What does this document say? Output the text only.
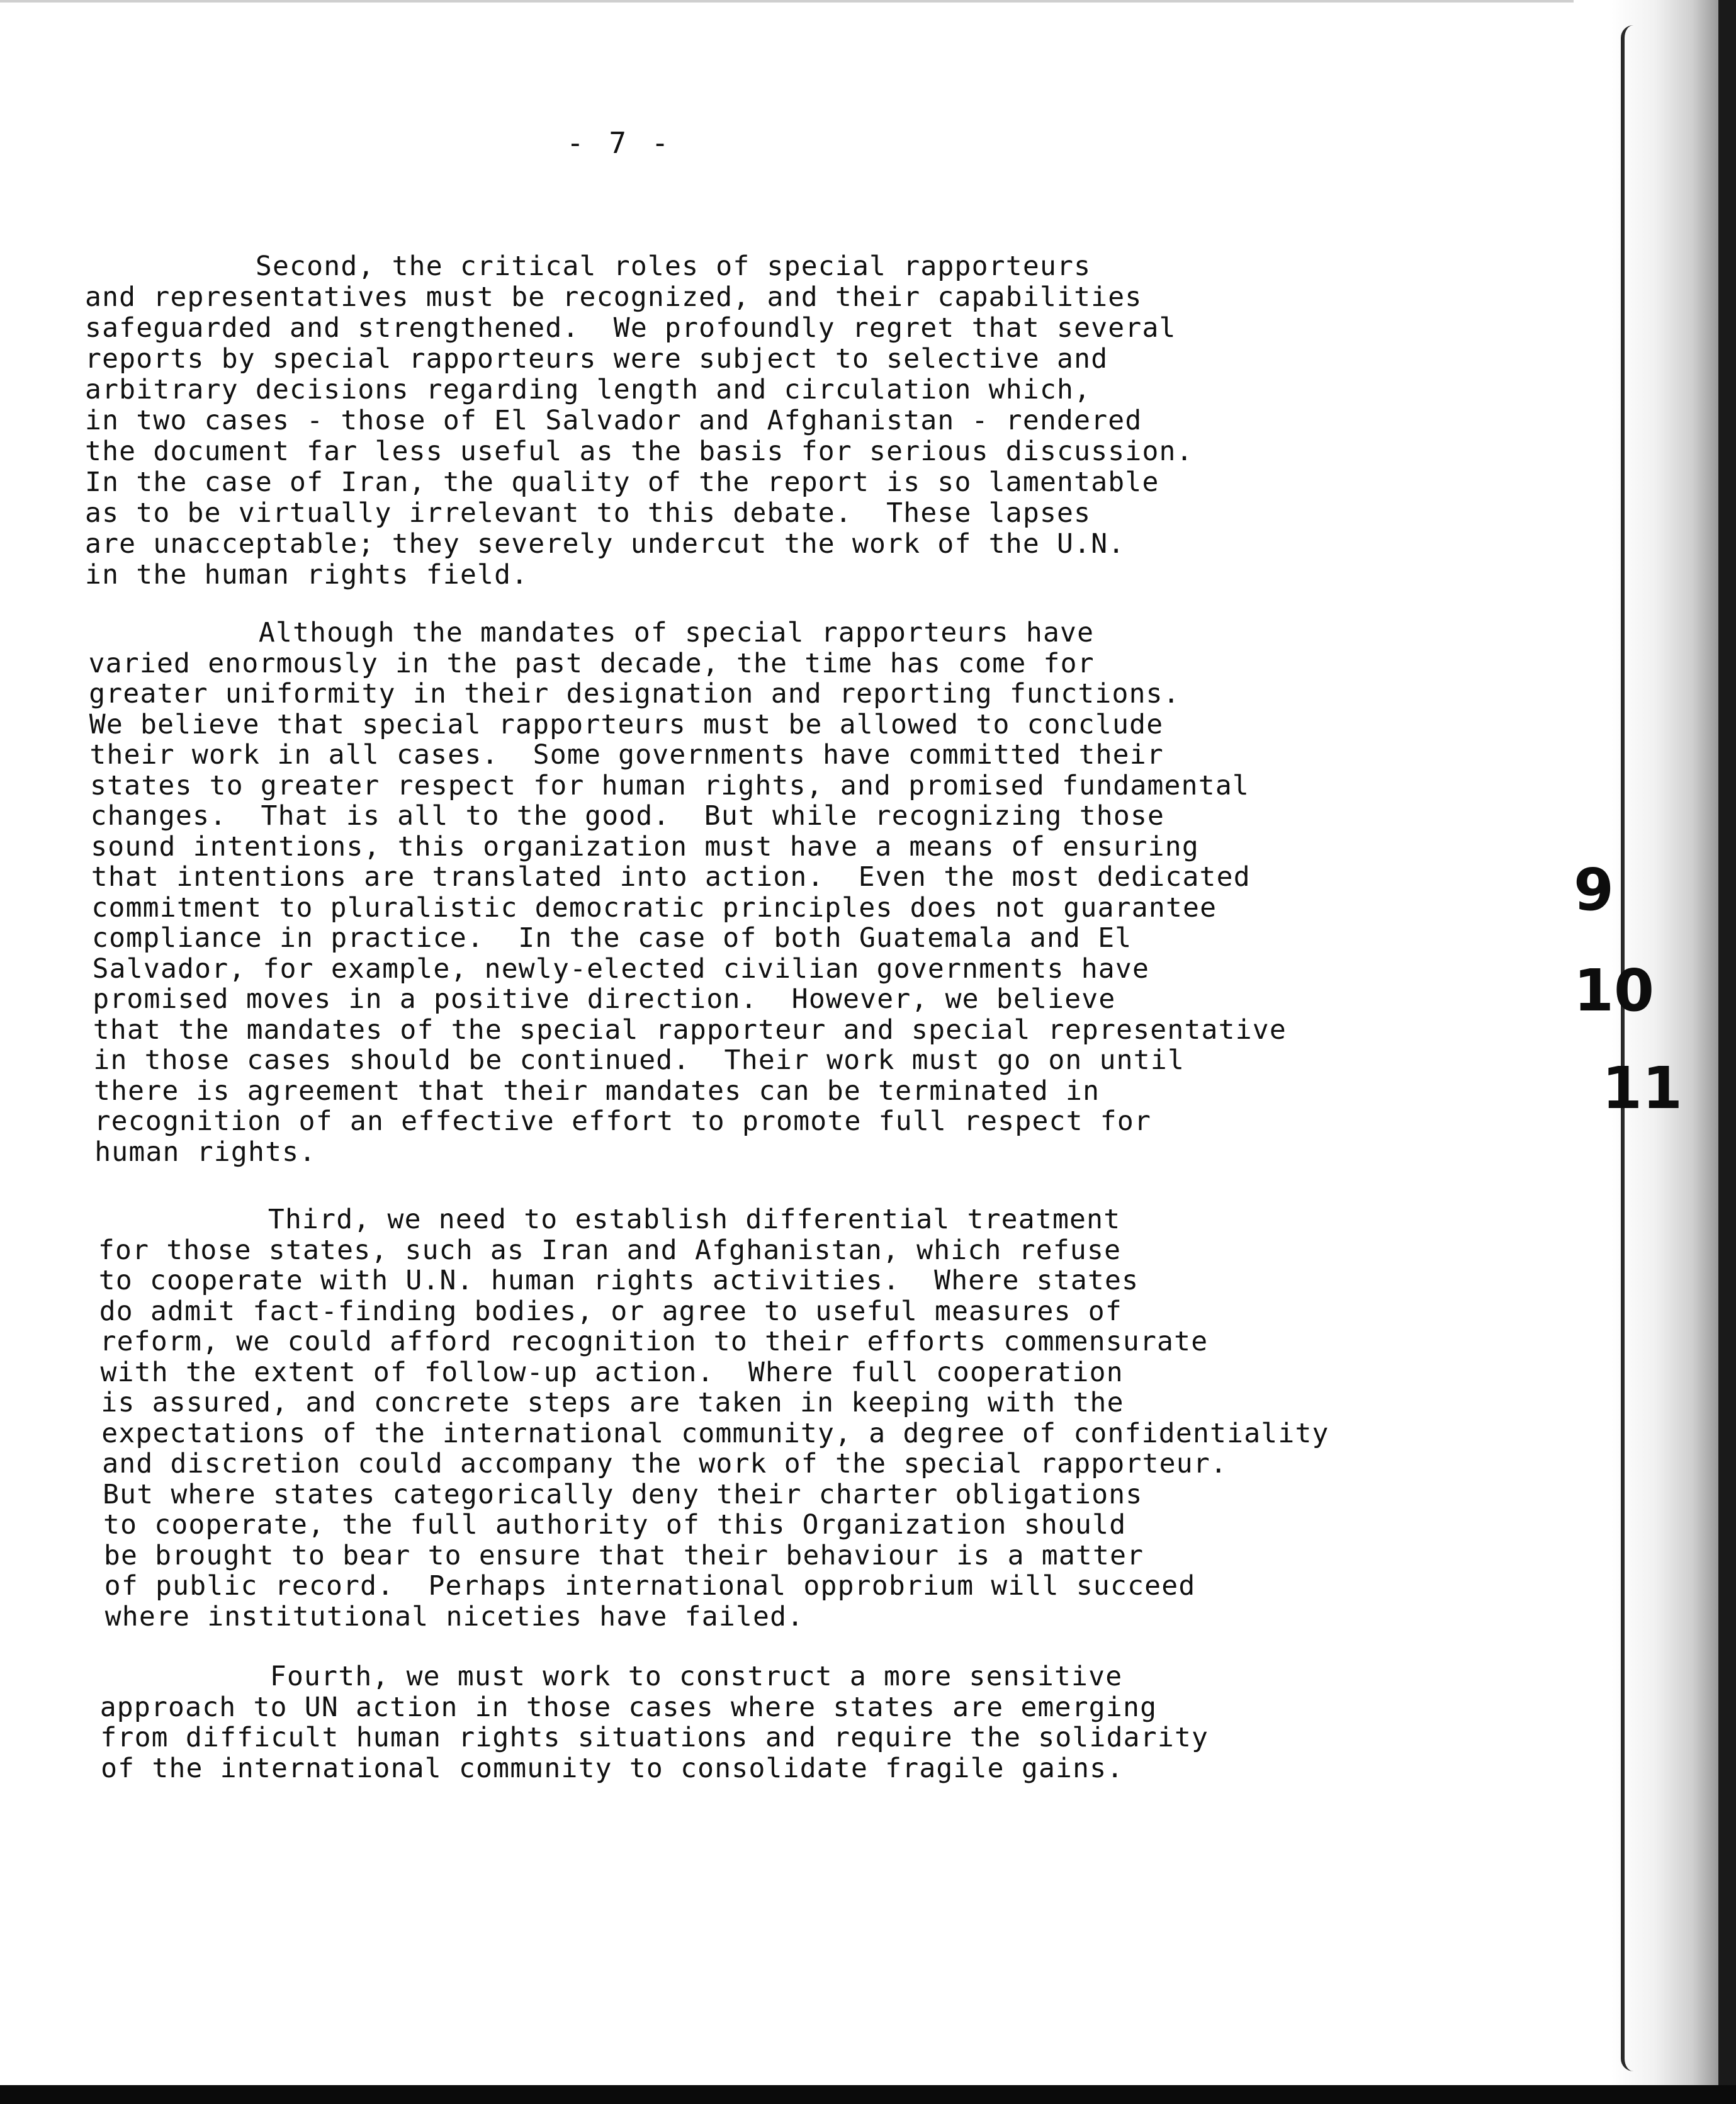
- 7 -
Second, the critical roles of special rapporteurs
and representatives must be recognized, and their capabilities
safeguarded and strengthened.  We profoundly regret that several
reports by special rapporteurs were subject to selective and
arbitrary decisions regarding length and circulation which,
in two cases - those of El Salvador and Afghanistan - rendered
the document far less useful as the basis for serious discussion.
In the case of Iran, the quality of the report is so lamentable
as to be virtually irrelevant to this debate.  These lapses
are unacceptable; they severely undercut the work of the U.N.
in the human rights field.
Although the mandates of special rapporteurs have
varied enormously in the past decade, the time has come for
greater uniformity in their designation and reporting functions.
We believe that special rapporteurs must be allowed to conclude
their work in all cases.  Some governments have committed their
states to greater respect for human rights, and promised fundamental
changes.  That is all to the good.  But while recognizing those
sound intentions, this organization must have a means of ensuring
that intentions are translated into action.  Even the most dedicated
commitment to pluralistic democratic principles does not guarantee
compliance in practice.  In the case of both Guatemala and El
Salvador, for example, newly-elected civilian governments have
promised moves in a positive direction.  However, we believe
that the mandates of the special rapporteur and special representative
in those cases should be continued.  Their work must go on until
there is agreement that their mandates can be terminated in
recognition of an effective effort to promote full respect for
human rights.
Third, we need to establish differential treatment
for those states, such as Iran and Afghanistan, which refuse
to cooperate with U.N. human rights activities.  Where states
do admit fact-finding bodies, or agree to useful measures of
reform, we could afford recognition to their efforts commensurate
with the extent of follow-up action.  Where full cooperation
is assured, and concrete steps are taken in keeping with the
expectations of the international community, a degree of confidentiality
and discretion could accompany the work of the special rapporteur.
But where states categorically deny their charter obligations
to cooperate, the full authority of this Organization should
be brought to bear to ensure that their behaviour is a matter
of public record.  Perhaps international opprobrium will succeed
where institutional niceties have failed.
Fourth, we must work to construct a more sensitive
approach to UN action in those cases where states are emerging
from difficult human rights situations and require the solidarity
of the international community to consolidate fragile gains.
9
10
11
